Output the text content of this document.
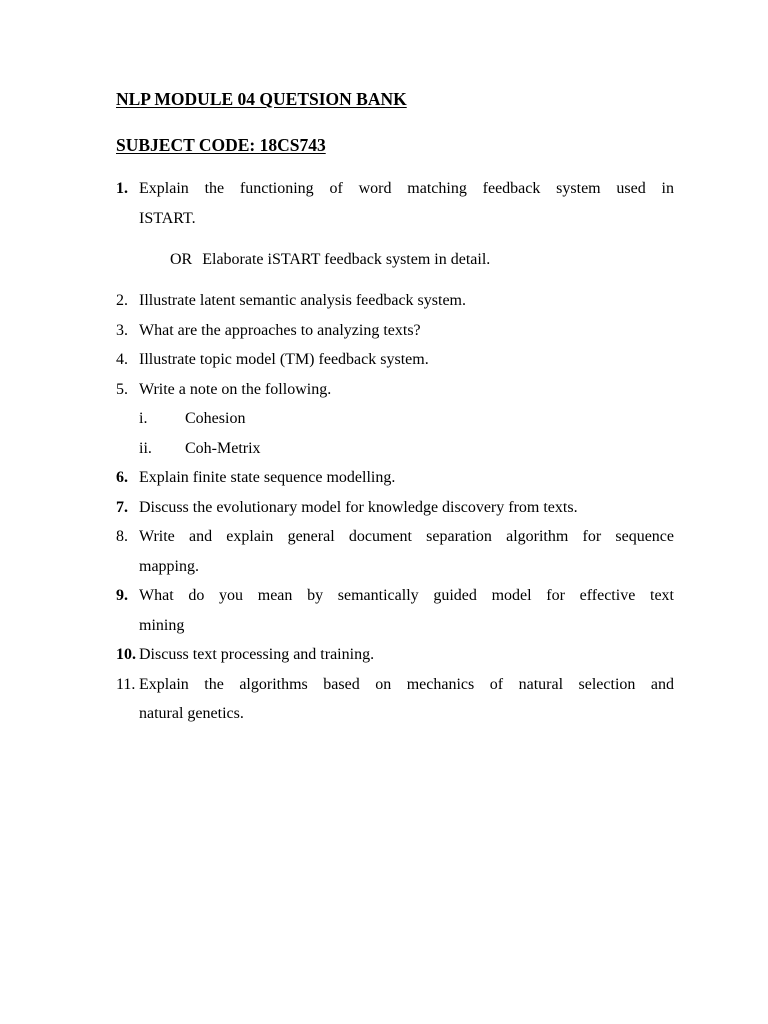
NLP MODULE 04 QUETSION BANK
SUBJECT CODE: 18CS743
1. Explain the functioning of word matching feedback system used in
ISTART.
OR Elaborate iSTART feedback system in detail.
2. Illustrate latent semantic analysis feedback system.
3. What are the approaches to analyzing texts?
4. Illustrate topic model (TM) feedback system.
5. Write a note on the following.
i. Cohesion
ii. Coh-Metrix
6. Explain finite state sequence modelling.
7. Discuss the evolutionary model for knowledge discovery from texts.
8. Write and explain general document separation algorithm for sequence
mapping.
9. What do you mean by semantically guided model for effective text
mining
10. Discuss text processing and training.
11. Explain the algorithms based on mechanics of natural selection and
natural genetics.
